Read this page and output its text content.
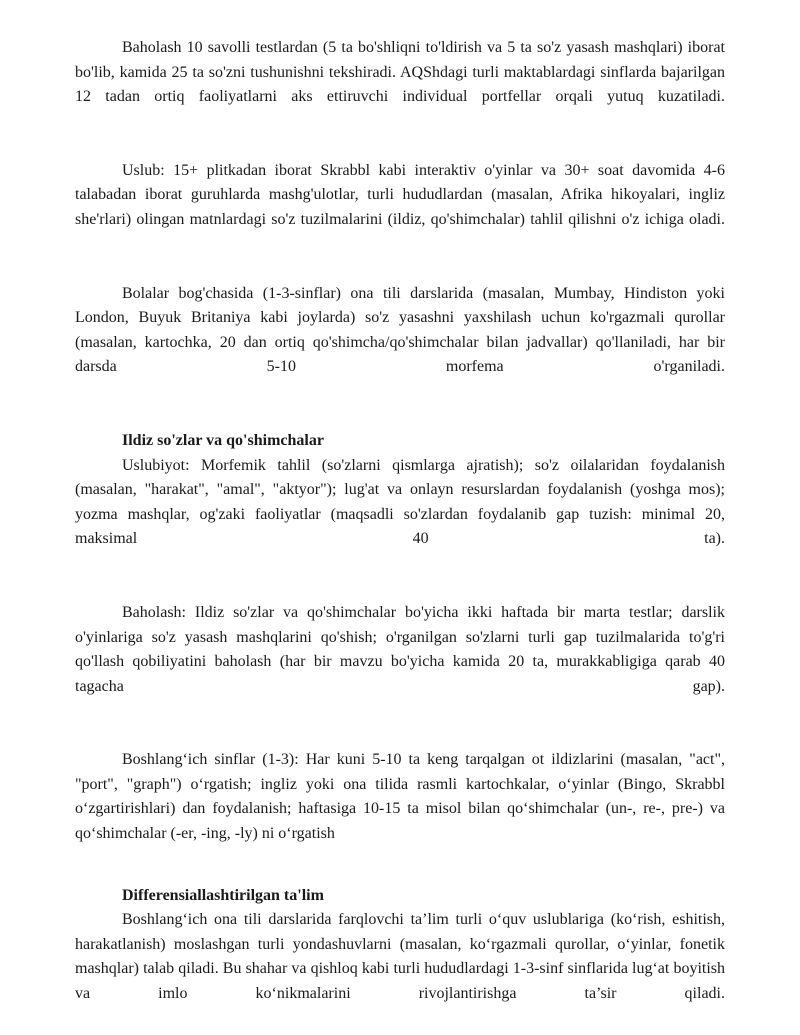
Baholash 10 savolli testlardan (5 ta bo'shliqni to'ldirish va 5 ta so'z yasash mashqlari) iborat bo'lib, kamida 25 ta so'zni tushunishni tekshiradi. AQShdagi turli maktablardagi sinflarda bajarilgan 12 tadan ortiq faoliyatlarni aks ettiruvchi individual portfellar orqali yutuq kuzatiladi.

Uslub: 15+ plitkadan iborat Skrabbl kabi interaktiv o'yinlar va 30+ soat davomida 4-6 talabadan iborat guruhlarda mashg'ulotlar, turli hududlardan (masalan, Afrika hikoyalari, ingliz she'rlari) olingan matnlardagi so'z tuzilmalarini (ildiz, qo'shimchalar) tahlil qilishni o'z ichiga oladi.

Bolalar bog'chasida (1-3-sinflar) ona tili darslarida (masalan, Mumbay, Hindiston yoki London, Buyuk Britaniya kabi joylarda) so'z yasashni yaxshilash uchun ko'rgazmali qurollar (masalan, kartochka, 20 dan ortiq qo'shimcha/qo'shimchalar bilan jadvallar) qo'llaniladi, har bir darsda 5-10 morfema o'rganiladi.

Ildiz so'zlar va qo'shimchalar

Uslubiyot: Morfemik tahlil (so'zlarni qismlarga ajratish); so'z oilalaridan foydalanish (masalan, "harakat", "amal", "aktyor"); lug'at va onlayn resurslardan foydalanish (yoshga mos); yozma mashqlar, og'zaki faoliyatlar (maqsadli so'zlardan foydalanib gap tuzish: minimal 20, maksimal 40 ta).

Baholash: Ildiz so'zlar va qo'shimchalar bo'yicha ikki haftada bir marta testlar; darslik o'yinlariga so'z yasash mashqlarini qo'shish; o'rganilgan so'zlarni turli gap tuzilmalarida to'g'ri qo'llash qobiliyatini baholash (har bir mavzu bo'yicha kamida 20 ta, murakkabligiga qarab 40 tagacha gap).

Boshlang‘ich sinflar (1-3): Har kuni 5-10 ta keng tarqalgan ot ildizlarini (masalan, "act", "port", "graph") o‘rgatish; ingliz yoki ona tilida rasmli kartochkalar, o‘yinlar (Bingo, Skrabbl o‘zgartirishlari) dan foydalanish; haftasiga 10-15 ta misol bilan qo‘shimchalar (un-, re-, pre-) va qo‘shimchalar (-er, -ing, -ly) ni o‘rgatish

Differensiallashtirilgan ta'lim

Boshlang‘ich ona tili darslarida farqlovchi ta’lim turli o‘quv uslublariga (ko‘rish, eshitish, harakatlanish) moslashgan turli yondashuvlarni (masalan, ko‘rgazmali qurollar, o‘yinlar, fonetik mashqlar) talab qiladi. Bu shahar va qishloq kabi turli hududlardagi 1-3-sinf sinflarida lug‘at boyitish va imlo ko‘nikmalarini rivojlantirishga ta’sir qiladi.
